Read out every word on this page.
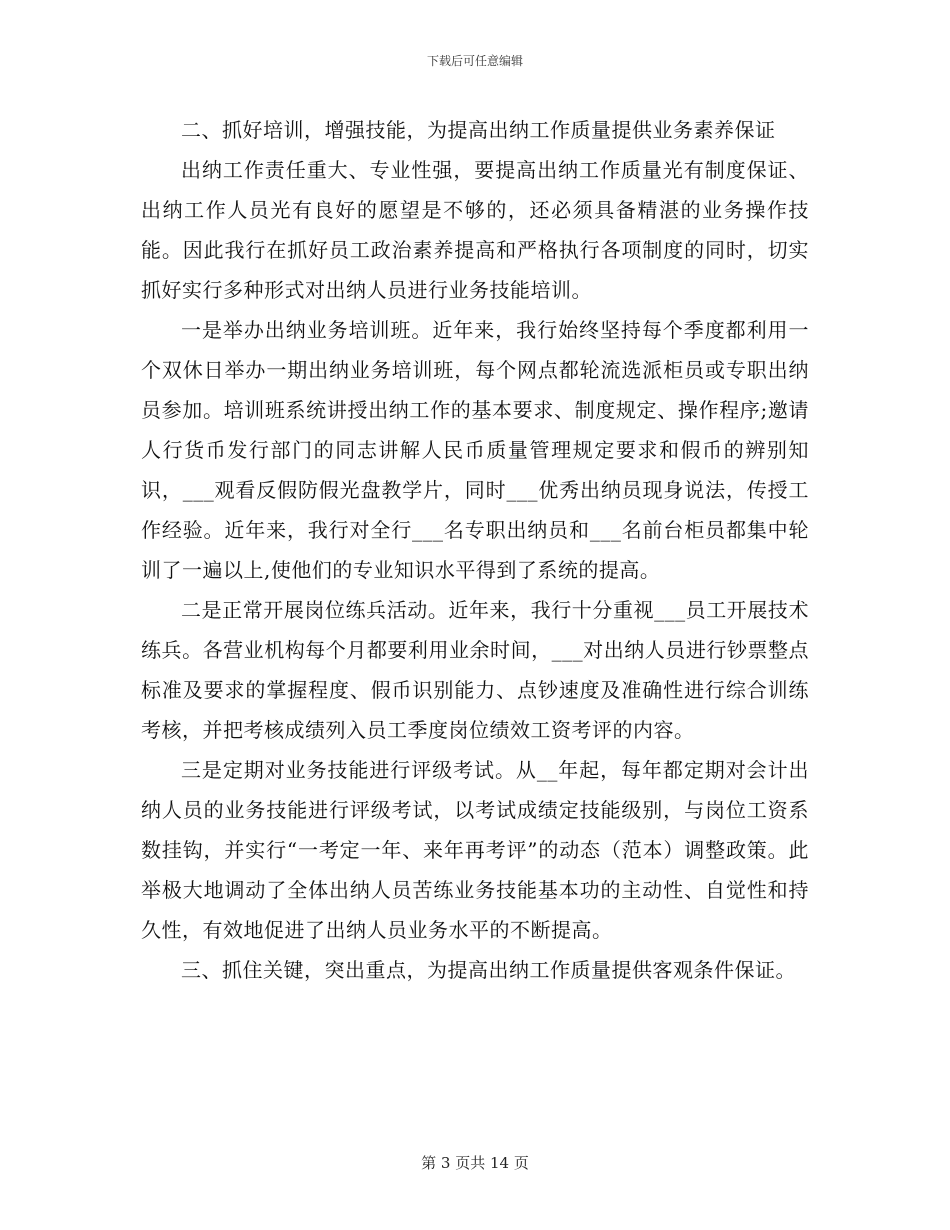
下载后可任意编辑

二、抓好培训，增强技能，为提高出纳工作质量提供业务素养保证

出纳工作责任重大、专业性强，要提高出纳工作质量光有制度保证、出纳工作人员光有良好的愿望是不够的，还必须具备精湛的业务操作技能。因此我行在抓好员工政治素养提高和严格执行各项制度的同时，切实抓好实行多种形式对出纳人员进行业务技能培训。

一是举办出纳业务培训班。近年来，我行始终坚持每个季度都利用一个双休日举办一期出纳业务培训班，每个网点都轮流选派柜员或专职出纳员参加。培训班系统讲授出纳工作的基本要求、制度规定、操作程序;邀请人行货币发行部门的同志讲解人民币质量管理规定要求和假币的辨别知识，___观看反假防假光盘教学片，同时___优秀出纳员现身说法，传授工作经验。近年来，我行对全行___名专职出纳员和___名前台柜员都集中轮训了一遍以上,使他们的专业知识水平得到了系统的提高。

二是正常开展岗位练兵活动。近年来，我行十分重视___员工开展技术练兵。各营业机构每个月都要利用业余时间，___对出纳人员进行钞票整点标准及要求的掌握程度、假币识别能力、点钞速度及准确性进行综合训练考核，并把考核成绩列入员工季度岗位绩效工资考评的内容。

三是定期对业务技能进行评级考试。从__年起，每年都定期对会计出纳人员的业务技能进行评级考试，以考试成绩定技能级别，与岗位工资系数挂钩，并实行“一考定一年、来年再考评”的动态（范本）调整政策。此举极大地调动了全体出纳人员苦练业务技能基本功的主动性、自觉性和持久性，有效地促进了出纳人员业务水平的不断提高。

三、抓住关键，突出重点，为提高出纳工作质量提供客观条件保证。

第 3 页共 14 页
